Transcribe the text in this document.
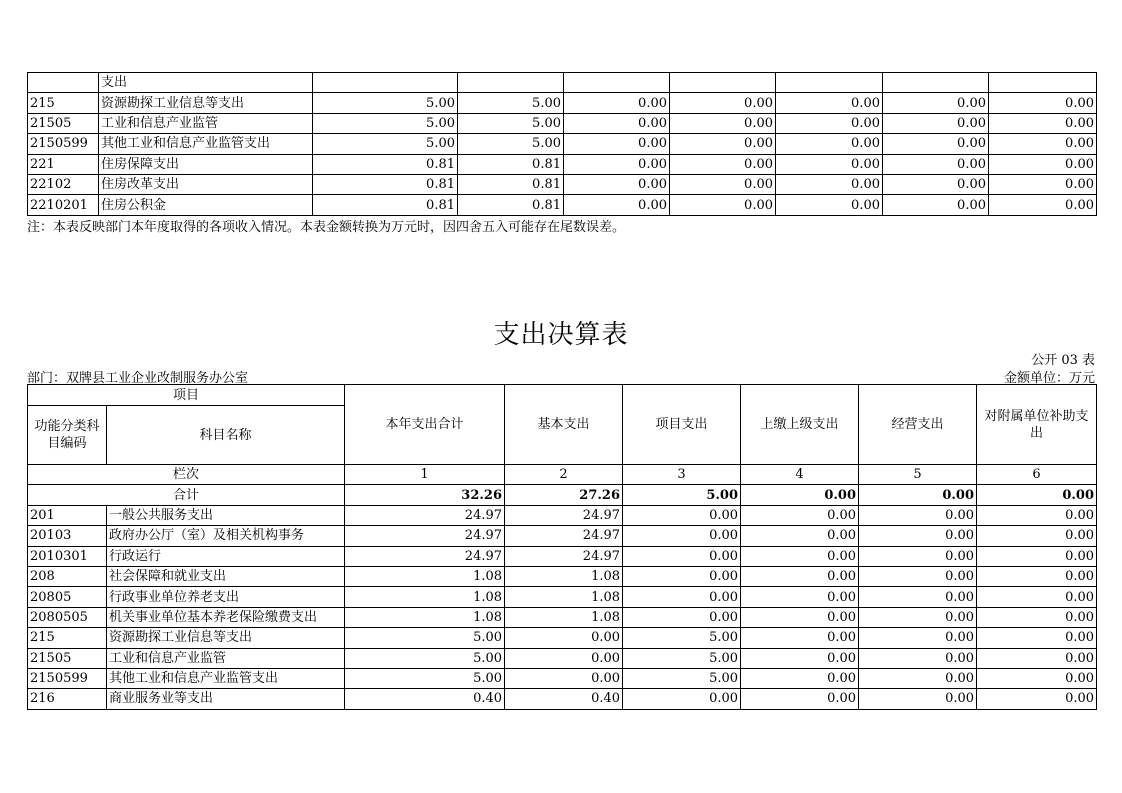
	支出							
215	资源勘探工业信息等支出	5.00	5.00	0.00	0.00	0.00	0.00	0.00
21505	工业和信息产业监管	5.00	5.00	0.00	0.00	0.00	0.00	0.00
2150599	其他工业和信息产业监管支出	5.00	5.00	0.00	0.00	0.00	0.00	0.00
221	住房保障支出	0.81	0.81	0.00	0.00	0.00	0.00	0.00
22102	住房改革支出	0.81	0.81	0.00	0.00	0.00	0.00	0.00
2210201	住房公积金	0.81	0.81	0.00	0.00	0.00	0.00	0.00
注：本表反映部门本年度取得的各项收入情况。本表金额转换为万元时，因四舍五入可能存在尾数误差。
支出决算表
公开 03 表
部门：双牌县工业企业改制服务办公室	金额单位：万元
项目		本年支出合计	基本支出	项目支出	上缴上级支出	经营支出	对附属单位补助支出
功能分类科目编码	科目名称						
栏次		1	2	3	4	5	6
合计		32.26	27.26	5.00	0.00	0.00	0.00
201	一般公共服务支出	24.97	24.97	0.00	0.00	0.00	0.00
20103	政府办公厅（室）及相关机构事务	24.97	24.97	0.00	0.00	0.00	0.00
2010301	行政运行	24.97	24.97	0.00	0.00	0.00	0.00
208	社会保障和就业支出	1.08	1.08	0.00	0.00	0.00	0.00
20805	行政事业单位养老支出	1.08	1.08	0.00	0.00	0.00	0.00
2080505	机关事业单位基本养老保险缴费支出	1.08	1.08	0.00	0.00	0.00	0.00
215	资源勘探工业信息等支出	5.00	0.00	5.00	0.00	0.00	0.00
21505	工业和信息产业监管	5.00	0.00	5.00	0.00	0.00	0.00
2150599	其他工业和信息产业监管支出	5.00	0.00	5.00	0.00	0.00	0.00
216	商业服务业等支出	0.40	0.40	0.00	0.00	0.00	0.00
